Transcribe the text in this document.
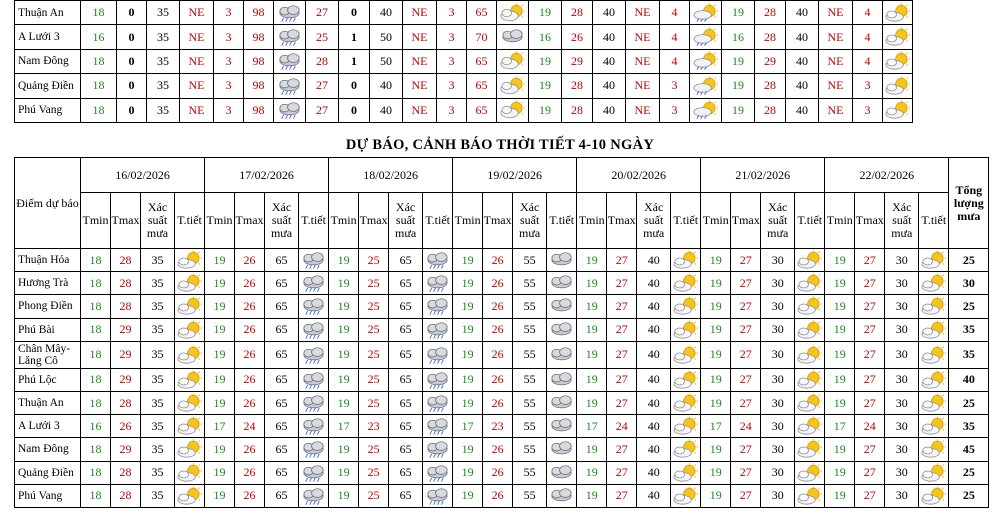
Thuận An	18	0	35	NE	3	98		27	0	40	NE	3	65		19	28	40	NE	4		19	28	40	NE	4	

A Lưới 3	16	0	35	NE	3	98		25	1	50	NE	3	70		16	26	40	NE	4		16	28	40	NE	4	

Nam Đông	18	0	35	NE	3	98		28	1	50	NE	3	65		19	29	40	NE	4		19	29	40	NE	4	

Quảng Điền	18	0	35	NE	3	98		27	0	40	NE	3	65		19	28	40	NE	3		19	28	40	NE	3	

Phú Vang	18	0	35	NE	3	98		27	0	40	NE	3	65		19	28	40	NE	3		19	28	40	NE	3	
DỰ BÁO, CẢNH BÁO THỜI TIẾT 4-10 NGÀY
Điểm dự báo	16/02/2026				17/02/2026				18/02/2026				19/02/2026				20/02/2026				21/02/2026				22/02/2026				Tổng lượng mưa
	Tmin	Tmax	Xác suất mưa	T.tiết	Tmin	Tmax	Xác suất mưa	T.tiết	Tmin	Tmax	Xác suất mưa	T.tiết	Tmin	Tmax	Xác suất mưa	T.tiết	Tmin	Tmax	Xác suất mưa	T.tiết	Tmin	Tmax	Xác suất mưa	T.tiết	Tmin	Tmax	Xác suất mưa	T.tiết	
Thuận Hóa	18	28	35		19	26	65		19	25	65		19	26	55		19	27	40		19	27	30		19	27	30		25
Hương Trà	18	28	35		19	26	65		19	25	65		19	26	55		19	27	40		19	27	30		19	27	30		30
Phong Điền	18	28	35		19	26	65		19	25	65		19	26	55		19	27	40		19	27	30		19	27	30		25
Phú Bài	18	29	35		19	26	65		19	25	65		19	26	55		19	27	40		19	27	30		19	27	30		35
Chân Mây-Lăng Cô	18	29	35		19	26	65		19	25	65		19	26	55		19	27	40		19	27	30		19	27	30		35
Phú Lộc	18	29	35		19	26	65		19	25	65		19	26	55		19	27	40		19	27	30		19	27	30		40
Thuận An	18	28	35		19	26	65		19	25	65		19	26	55		19	27	40		19	27	30		19	27	30		25
A Lưới 3	16	26	35		17	24	65		17	23	65		17	23	55		17	24	40		17	24	30		17	24	30		35
Nam Đông	18	29	35		19	26	65		19	25	65		19	26	55		19	27	40		19	27	30		19	27	30		45
Quảng Điền	18	28	35		19	26	65		19	25	65		19	26	55		19	27	40		19	27	30		19	27	30		25
Phú Vang	18	28	35		19	26	65		19	25	65		19	26	55		19	27	40		19	27	30		19	27	30		25
